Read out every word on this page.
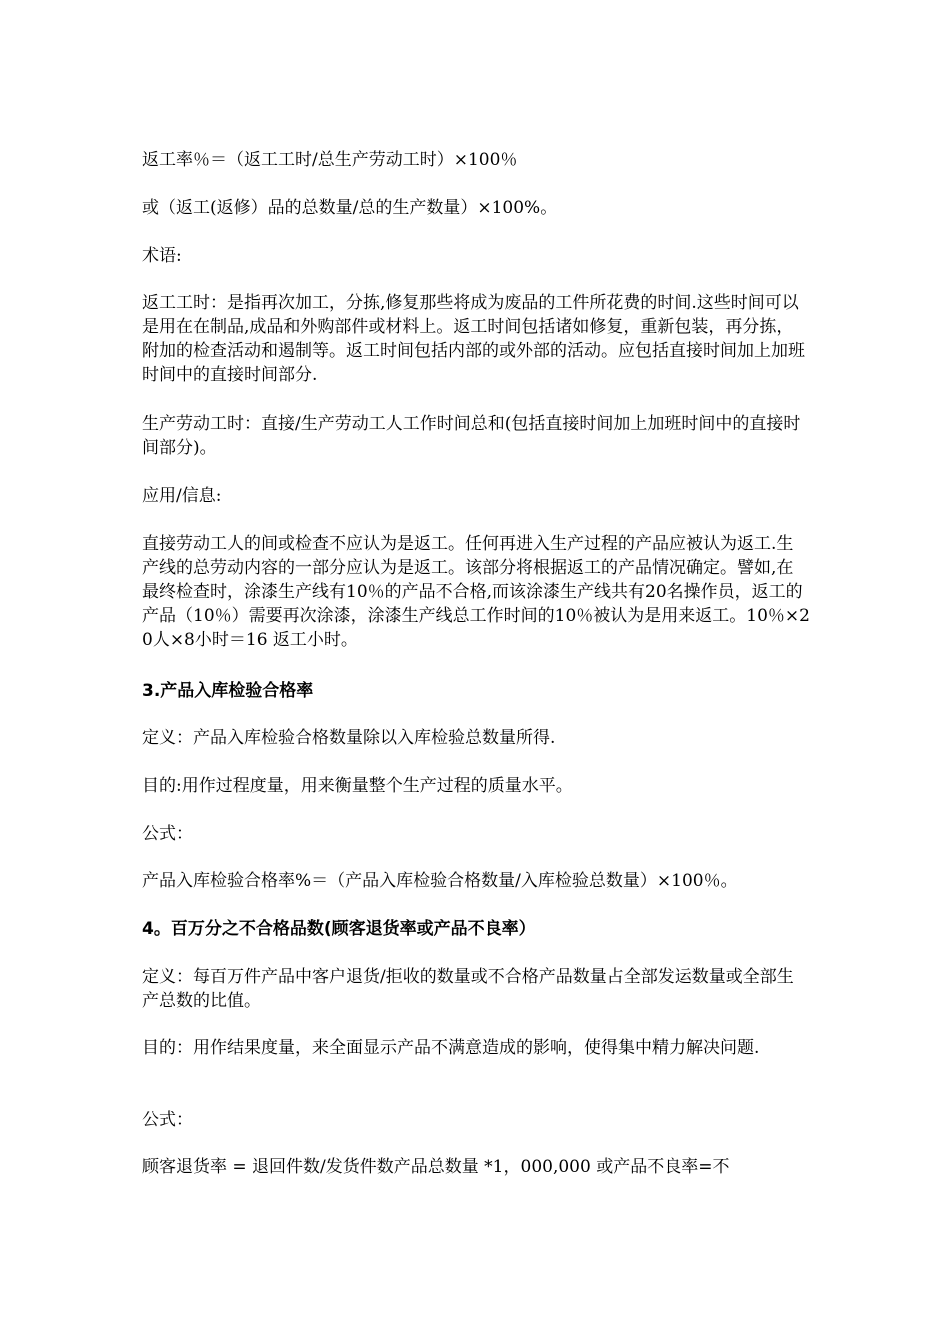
返工率％＝（返工工时/总生产劳动工时）×100％

或（返工(返修）品的总数量/总的生产数量）×100%。

术语:

返工工时：是指再次加工，分拣,修复那些将成为废品的工件所花费的时间.这些时间可以是用在在制品,成品和外购部件或材料上。返工时间包括诸如修复，重新包装，再分拣，附加的检查活动和遏制等。返工时间包括内部的或外部的活动。应包括直接时间加上加班时间中的直接时间部分.

生产劳动工时：直接/生产劳动工人工作时间总和(包括直接时间加上加班时间中的直接时间部分)。

应用/信息:

直接劳动工人的间或检查不应认为是返工。任何再进入生产过程的产品应被认为返工.生产线的总劳动内容的一部分应认为是返工。该部分将根据返工的产品情况确定。譬如,在最终检查时，涂漆生产线有10％的产品不合格,而该涂漆生产线共有20名操作员，返工的产品（10％）需要再次涂漆，涂漆生产线总工作时间的10％被认为是用来返工。10％×20人×8小时＝16 返工小时。

3.产品入库检验合格率

定义：产品入库检验合格数量除以入库检验总数量所得.

目的:用作过程度量，用来衡量整个生产过程的质量水平。

公式：

产品入库检验合格率%＝（产品入库检验合格数量/入库检验总数量）×100％。

4。百万分之不合格品数(顾客退货率或产品不良率）

定义：每百万件产品中客户退货/拒收的数量或不合格产品数量占全部发运数量或全部生产总数的比值。

目的：用作结果度量，来全面显示产品不满意造成的影响，使得集中精力解决问题.

公式：

顾客退货率 = 退回件数/发货件数产品总数量 *1，000,000 或产品不良率=不
